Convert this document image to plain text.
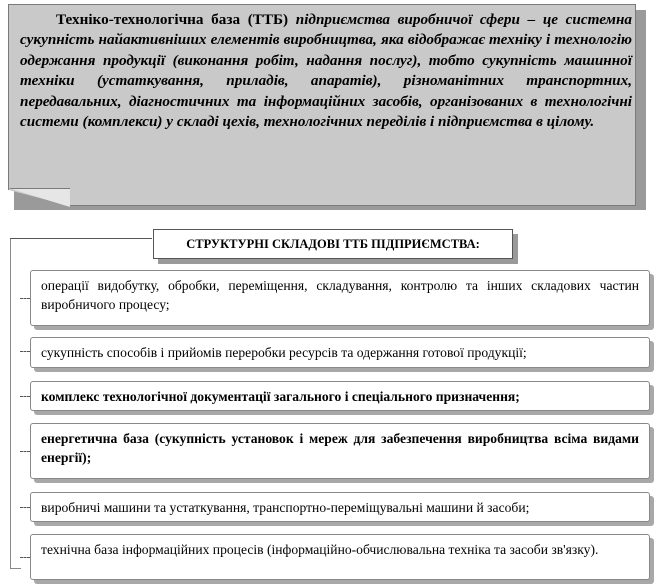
Техніко-технологічна база (ТТБ) підприємства виробничої сфери – це системна сукупність найактивніших елементів виробництва, яка відображає техніку і технологію одержання продукції (виконання робіт, надання послуг), тобто сукупність машинної техніки (устаткування, приладів, апаратів), різноманітних транспортних, передавальних, діагностичних та інформаційних засобів, організованих в технологічні системи (комплекси) у складі цехів, технологічних переділів і підприємства в цілому.
СТРУКТУРНІ СКЛАДОВІ ТТБ ПІДПРИЄМСТВА:
операції видобутку, обробки, переміщення, складування, контролю та інших складових частин виробничого процесу;
сукупність способів і прийомів переробки ресурсів та одержання готової продукції;
комплекс технологічної документації загального і спеціального призначення;
енергетична база (сукупність установок і мереж для забезпечення виробництва всіма видами енергії);
виробничі машини та устаткування, транспортно-переміщувальні машини й засоби;
технічна база інформаційних процесів (інформаційно-обчислювальна техніка та засоби зв'язку).
